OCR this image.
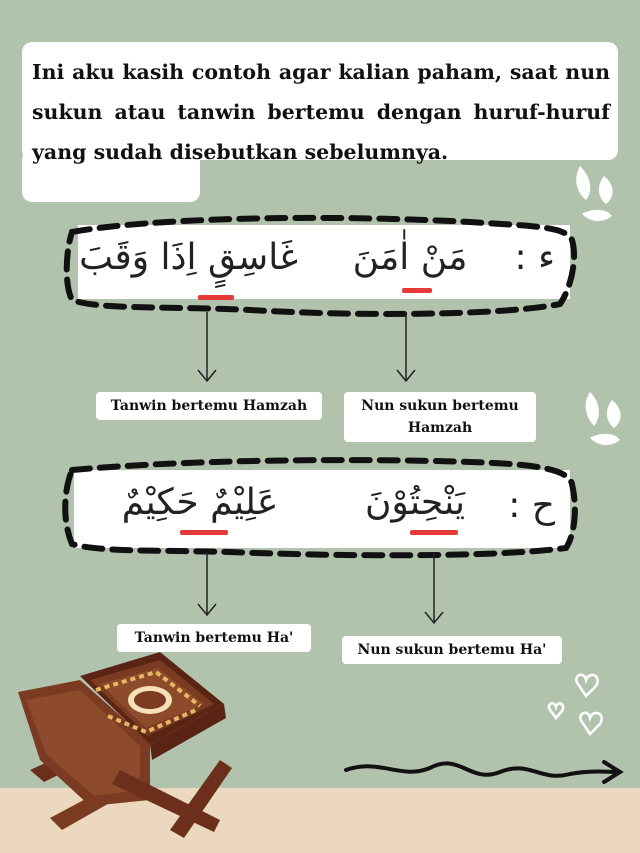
Ini aku kasih contoh agar kalian paham, saat nun sukun atau tanwin bertemu dengan huruf-huruf yang sudah disebutkan sebelumnya.
ء :
مَنْ اٰمَنَ
غَاسِقٍ اِذَا وَقَبَ
ح :
يَنْحِتُوْنَ
عَلِيْمٌ حَكِيْمٌ
Tanwin bertemu Hamzah	Nun sukun bertemu Hamzah
Tanwin bertemu Ha'
Nun sukun bertemu Ha'
